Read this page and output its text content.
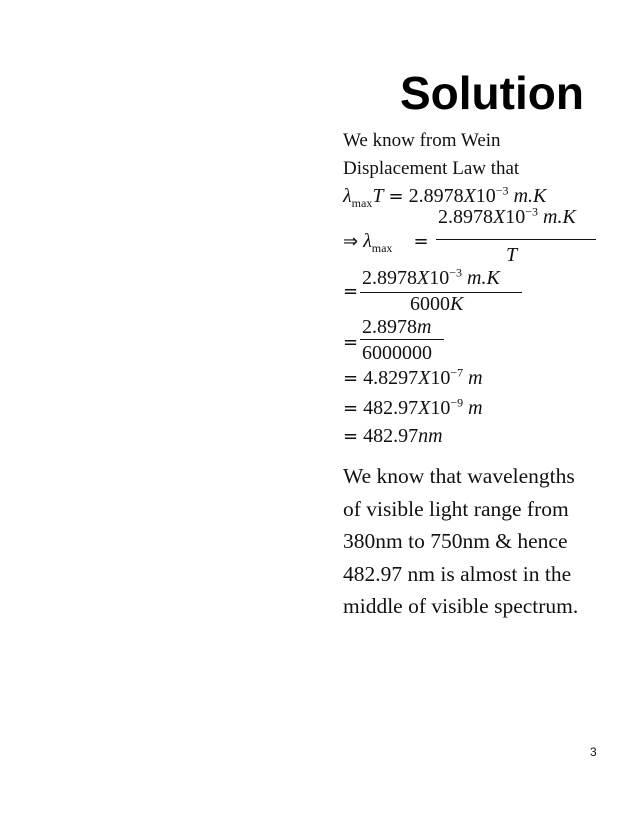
Solution
We know from Wein
Displacement Law that
$\lambda_{max}T = 2.8978X10^{-3}$ m.K
⇒ $\lambda_{max}$ =
$2.8978X10^{-3}$ m.K
T
=
$2.8978X10^{-3}$ m.K
6000K
=
2.8978m
6000000
= $4.8297X10^{-7}$ m
= $482.97X10^{-9}$ m
= 482.97nm
We know that wavelengths
of visible light range from
380nm to 750nm & hence
482.97 nm is almost in the
middle of visible spectrum.
3
